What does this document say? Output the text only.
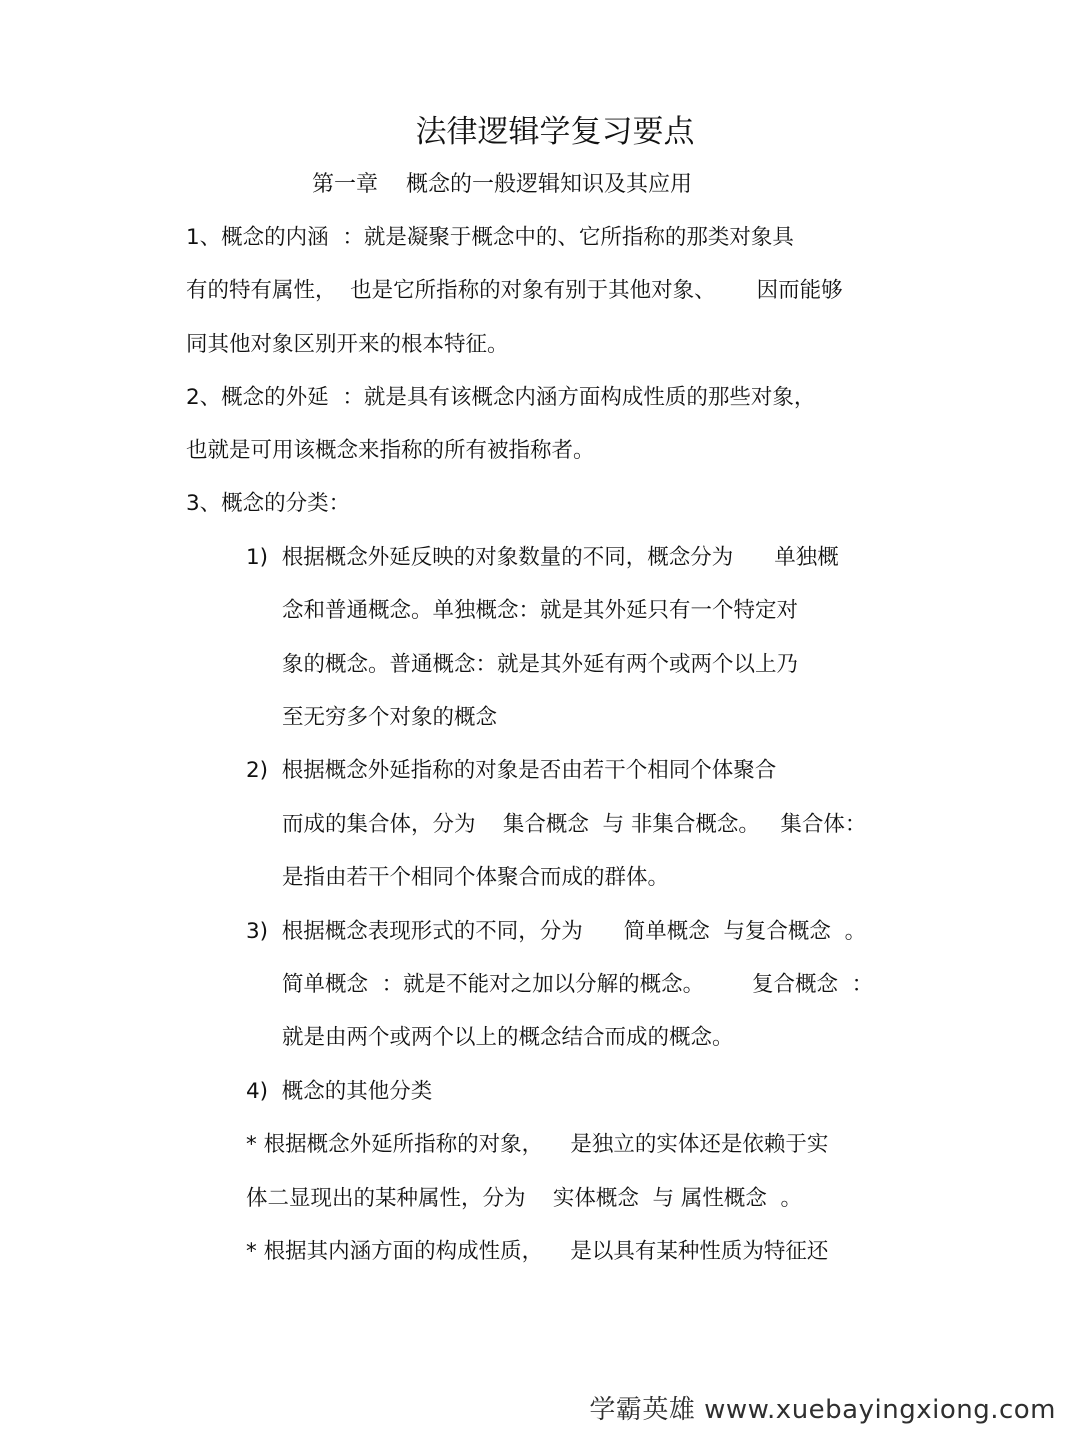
法律逻辑学复习要点

第一章    概念的一般逻辑知识及其应用

1、概念的内涵  ：就是凝聚于概念中的、它所指称的那类对象具

有的特有属性，  也是它所指称的对象有别于其他对象、      因而能够

同其他对象区别开来的根本特征。

2、概念的外延  ：就是具有该概念内涵方面构成性质的那些对象，

也就是可用该概念来指称的所有被指称者。

3、概念的分类：

1)  根据概念外延反映的对象数量的不同，概念分为      单独概

念和普通概念。单独概念：就是其外延只有一个特定对

象的概念。普通概念：就是其外延有两个或两个以上乃

至无穷多个对象的概念

2)  根据概念外延指称的对象是否由若干个相同个体聚合

而成的集合体，分为    集合概念  与 非集合概念。   集合体：

是指由若干个相同个体聚合而成的群体。

3)  根据概念表现形式的不同，分为      简单概念  与复合概念  。

简单概念  ：就是不能对之加以分解的概念。       复合概念  ：

就是由两个或两个以上的概念结合而成的概念。

4)  概念的其他分类

* 根据概念外延所指称的对象，    是独立的实体还是依赖于实

体二显现出的某种属性，分为    实体概念  与 属性概念  。

* 根据其内涵方面的构成性质，    是以具有某种性质为特征还

学霸英雄 www.xuebayingxiong.com
